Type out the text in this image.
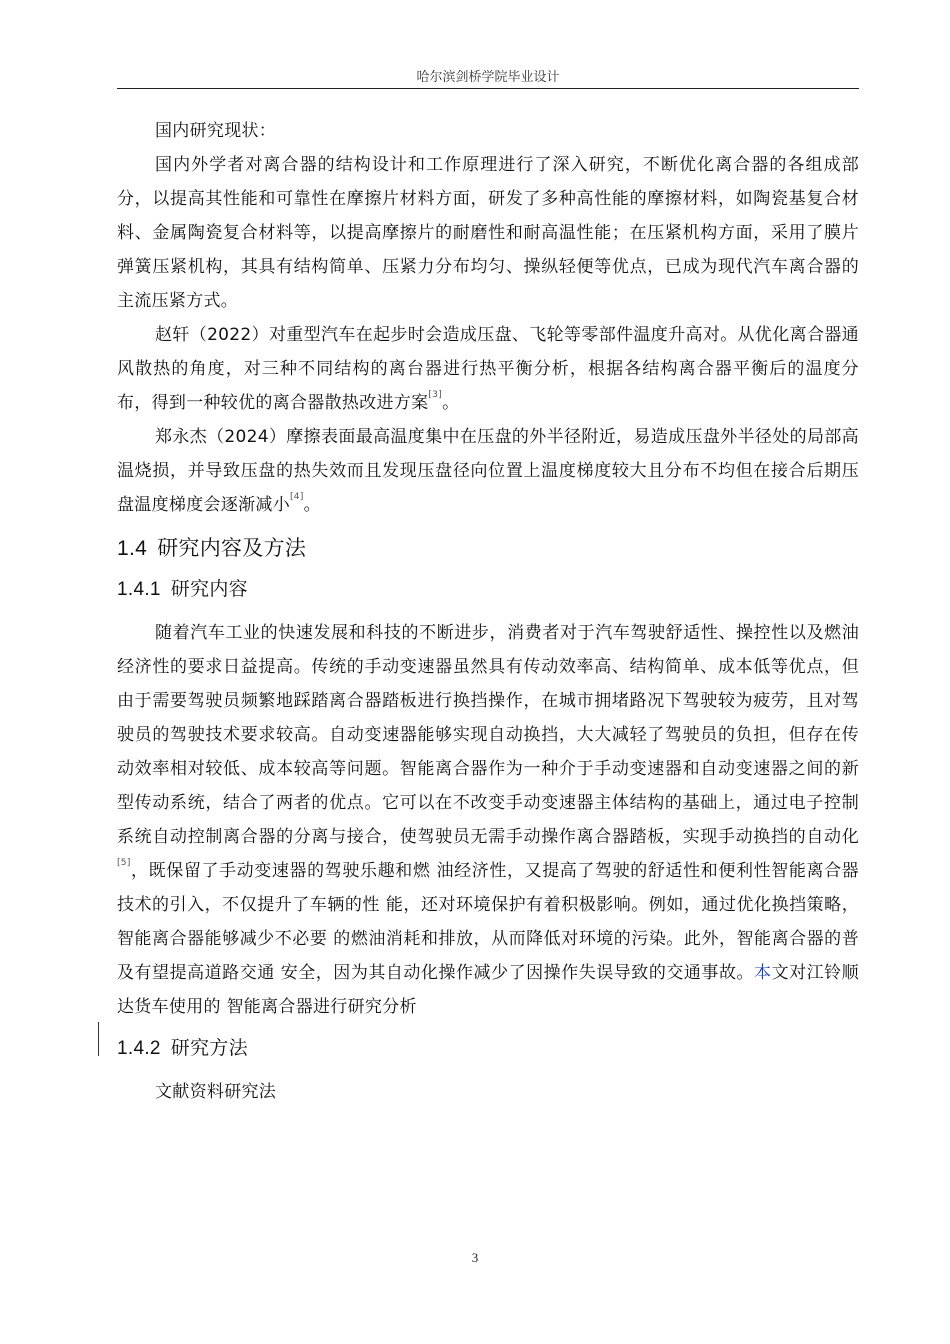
哈尔滨剑桥学院毕业设计

国内研究现状：

国内外学者对离合器的结构设计和工作原理进行了深入研究，不断优化离合器的各组成部分，以提高其性能和可靠性在摩擦片材料方面，研发了多种高性能的摩擦材料，如陶瓷基复合材料、金属陶瓷复合材料等，以提高摩擦片的耐磨性和耐高温性能；在压紧机构方面，采用了膜片弹簧压紧机构，其具有结构简单、压紧力分布均匀、操纵轻便等优点，已成为现代汽车离合器的主流压紧方式。

赵轩（2022）对重型汽车在起步时会造成压盘、飞轮等零部件温度升高对。从优化离合器通风散热的角度，对三种不同结构的离台器进行热平衡分析，根据各结构离合器平衡后的温度分布，得到一种较优的离合器散热改进方案[3]。

郑永杰（2024）摩擦表面最高温度集中在压盘的外半径附近，易造成压盘外半径处的局部高温烧损，并导致压盘的热失效而且发现压盘径向位置上温度梯度较大且分布不均但在接合后期压盘温度梯度会逐渐减小[4]。

1.4 研究内容及方法
1.4.1 研究内容

随着汽车工业的快速发展和科技的不断进步，消费者对于汽车驾驶舒适性、操控性以及燃油经济性的要求日益提高。传统的手动变速器虽然具有传动效率高、结构简单、成本低等优点，但由于需要驾驶员频繁地踩踏离合器踏板进行换挡操作，在城市拥堵路况下驾驶较为疲劳，且对驾驶员的驾驶技术要求较高。自动变速器能够实现自动换挡，大大减轻了驾驶员的负担，但存在传动效率相对较低、成本较高等问题。智能离合器作为一种介于手动变速器和自动变速器之间的新型传动系统，结合了两者的优点。它可以在不改变手动变速器主体结构的基础上，通过电子控制系统自动控制离合器的分离与接合，使驾驶员无需手动操作离合器踏板，实现手动换挡的自动化[5]，既保留了手动变速器的驾驶乐趣和燃 油经济性，又提高了驾驶的舒适性和便利性智能离合器技术的引入，不仅提升了车辆的性 能，还对环境保护有着积极影响。例如，通过优化换挡策略，智能离合器能够减少不必要 的燃油消耗和排放，从而降低对环境的污染。此外，智能离合器的普及有望提高道路交通 安全，因为其自动化操作减少了因操作失误导致的交通事故。本文对江铃顺达货车使用的 智能离合器进行研究分析

1.4.2 研究方法

文献资料研究法

3
